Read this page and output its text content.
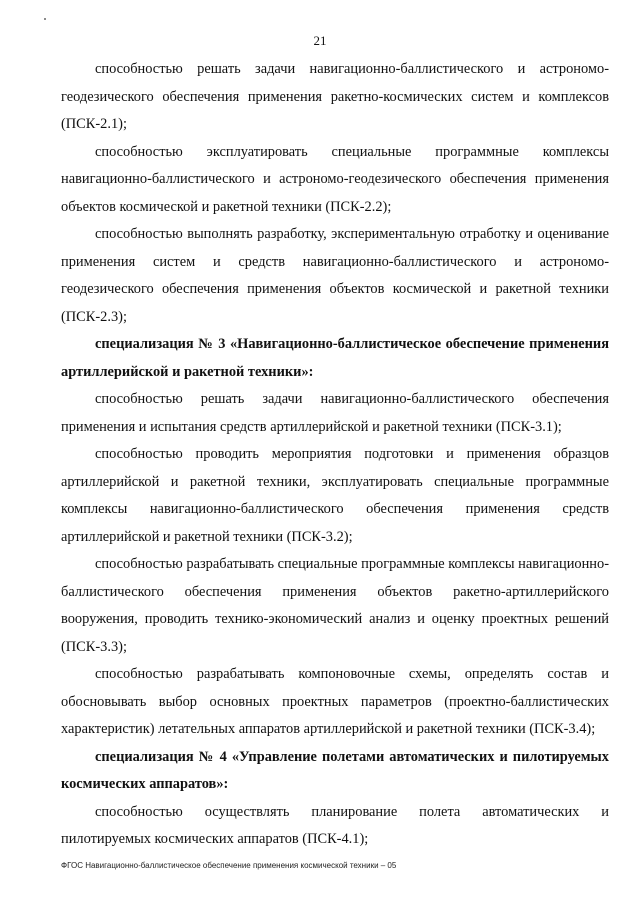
21

способностью решать задачи навигационно-баллистического и астрономо-геодезического обеспечения применения ракетно-космических систем и комплексов (ПСК-2.1);

способностью эксплуатировать специальные программные комплексы навигационно-баллистического и астрономо-геодезического обеспечения применения объектов космической и ракетной техники (ПСК-2.2);

способностью выполнять разработку, экспериментальную отработку и оценивание применения систем и средств навигационно-баллистического и астрономо-геодезического обеспечения применения объектов космической и ракетной техники (ПСК-2.3);

специализация № 3 «Навигационно-баллистическое обеспечение применения артиллерийской и ракетной техники»:

способностью решать задачи навигационно-баллистического обеспечения применения и испытания средств артиллерийской и ракетной техники (ПСК-3.1);

способностью проводить мероприятия подготовки и применения образцов артиллерийской и ракетной техники, эксплуатировать специальные программные комплексы навигационно-баллистического обеспечения применения средств артиллерийской и ракетной техники (ПСК-3.2);

способностью разрабатывать специальные программные комплексы навигационно-баллистического обеспечения применения объектов ракетно-артиллерийского вооружения, проводить технико-экономический анализ и оценку проектных решений (ПСК-3.3);

способностью разрабатывать компоновочные схемы, определять состав и обосновывать выбор основных проектных параметров (проектно-баллистических характеристик) летательных аппаратов артиллерийской и ракетной техники (ПСК-3.4);

специализация № 4 «Управление полетами автоматических и пилотируемых космических аппаратов»:

способностью осуществлять планирование полета автоматических и пилотируемых космических аппаратов (ПСК-4.1);

ФГОС Навигационно-баллистическое обеспечение применения космической техники – 05
